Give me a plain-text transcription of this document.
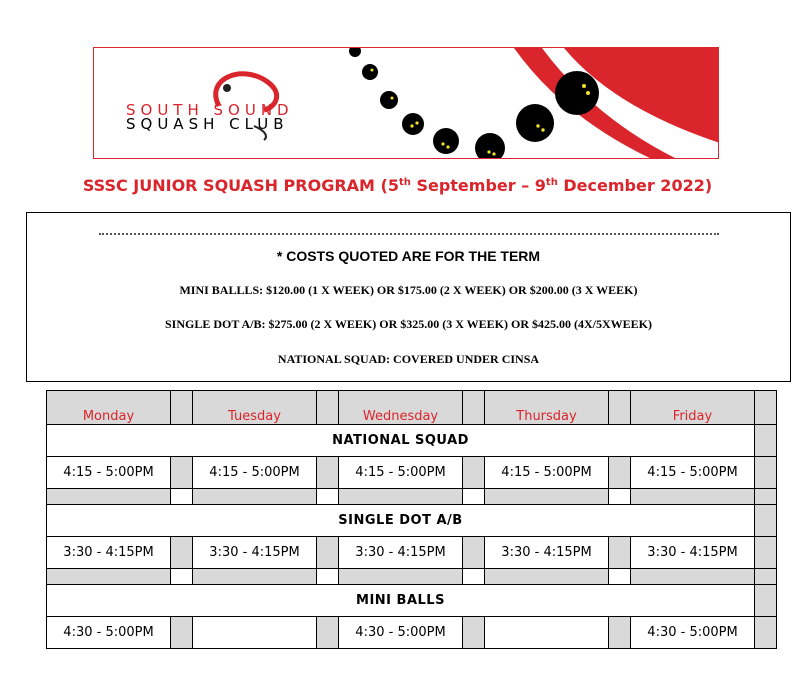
SOUTH SOUND
SQUASH CLUB
SSSC JUNIOR SQUASH PROGRAM (5th September – 9th December 2022)
* COSTS QUOTED ARE FOR THE TERM
MINI BALLLS: $120.00 (1 X WEEK) OR $175.00 (2 X WEEK) OR $200.00 (3 X WEEK)
SINGLE DOT A/B: $275.00 (2 X WEEK) OR $325.00 (3 X WEEK) OR $425.00 (4X/5XWEEK)
NATIONAL SQUAD: COVERED UNDER CINSA
Monday		Tuesday		Wednesday		Thursday		Friday	
NATIONAL SQUAD									
4:15 - 5:00PM		4:15 - 5:00PM		4:15 - 5:00PM		4:15 - 5:00PM		4:15 - 5:00PM	

SINGLE DOT A/B									
3:30 - 4:15PM		3:30 - 4:15PM		3:30 - 4:15PM		3:30 - 4:15PM		3:30 - 4:15PM	

MINI BALLS									
4:30 - 5:00PM				4:30 - 5:00PM				4:30 - 5:00PM	
